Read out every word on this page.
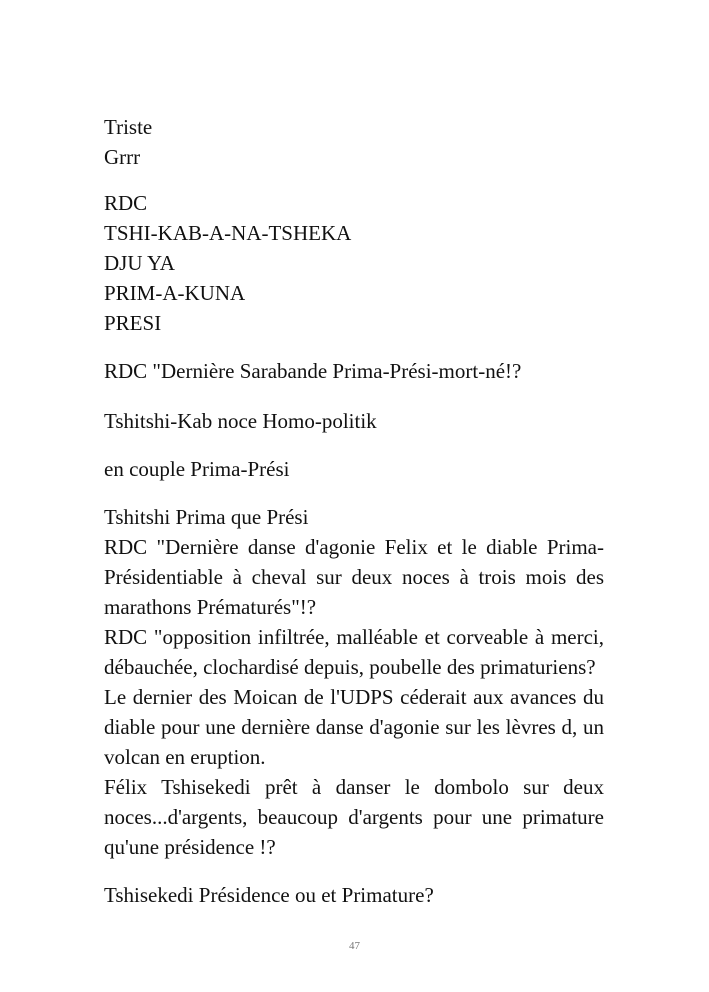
Triste
Grrr
RDC
TSHI-KAB-A-NA-TSHEKA
DJU YA
PRIM-A-KUNA
PRESI

RDC "Dernière Sarabande Prima-Prési-mort-né!?

Tshitshi-Kab noce Homo-politik

en couple Prima-Prési

Tshitshi Prima que Prési

RDC "Dernière danse d'agonie Felix et le diable Prima-Présidentiable à cheval sur deux noces à trois mois des marathons Prématurés"!?

RDC "opposition infiltrée, malléable et corveable à merci, débauchée, clochardisé depuis, poubelle des primaturiens?

Le dernier des Moican de l'UDPS céderait aux avances du diable pour une dernière danse d'agonie sur les lèvres d, un volcan en eruption.

Félix Tshisekedi prêt à danser le dombolo sur deux noces...d'argents, beaucoup d'argents pour une primature qu'une présidence !?

Tshisekedi Présidence ou et Primature?

47
